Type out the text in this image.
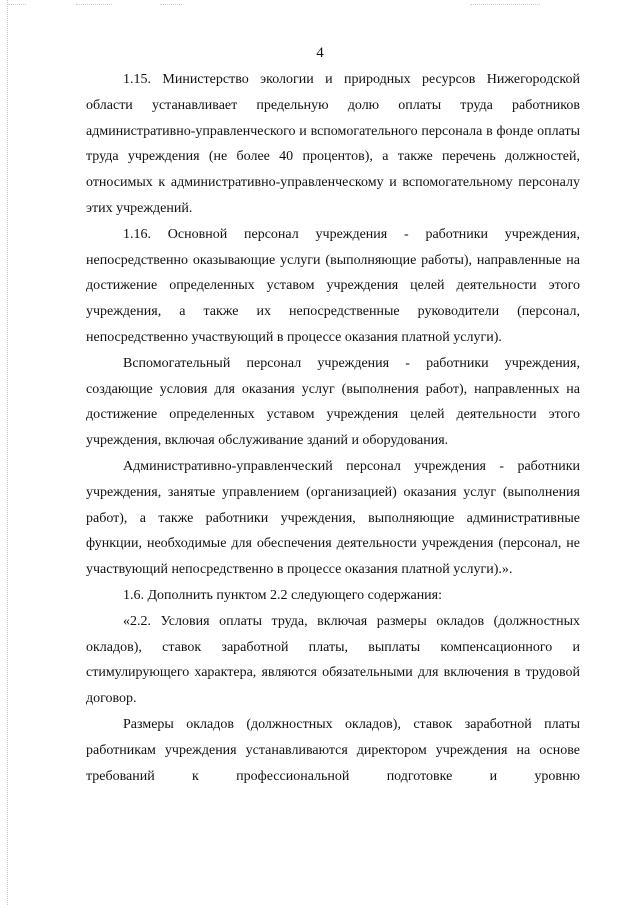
4

1.15. Министерство экологии и природных ресурсов Нижегородской области устанавливает предельную долю оплаты труда работников административно-управленческого и вспомогательного персонала в фонде оплаты труда учреждения (не более 40 процентов), а также перечень должностей, относимых к административно-управленческому и вспомогательному персоналу этих учреждений.

1.16. Основной персонал учреждения - работники учреждения, непосредственно оказывающие услуги (выполняющие работы), направленные на достижение определенных уставом учреждения целей деятельности этого учреждения, а также их непосредственные руководители (персонал, непосредственно участвующий в процессе оказания платной услуги).

Вспомогательный персонал учреждения - работники учреждения, создающие условия для оказания услуг (выполнения работ), направленных на достижение определенных уставом учреждения целей деятельности этого учреждения, включая обслуживание зданий и оборудования.

Административно-управленческий персонал учреждения - работники учреждения, занятые управлением (организацией) оказания услуг (выполнения работ), а также работники учреждения, выполняющие административные функции, необходимые для обеспечения деятельности учреждения (персонал, не участвующий непосредственно в процессе оказания платной услуги).».

1.6. Дополнить пунктом 2.2 следующего содержания:

«2.2. Условия оплаты труда, включая размеры окладов (должностных окладов), ставок заработной платы, выплаты компенсационного и стимулирующего характера, являются обязательными для включения в трудовой договор.

Размеры окладов (должностных окладов), ставок заработной платы работникам учреждения устанавливаются директором учреждения на основе требований к профессиональной подготовке и уровню
